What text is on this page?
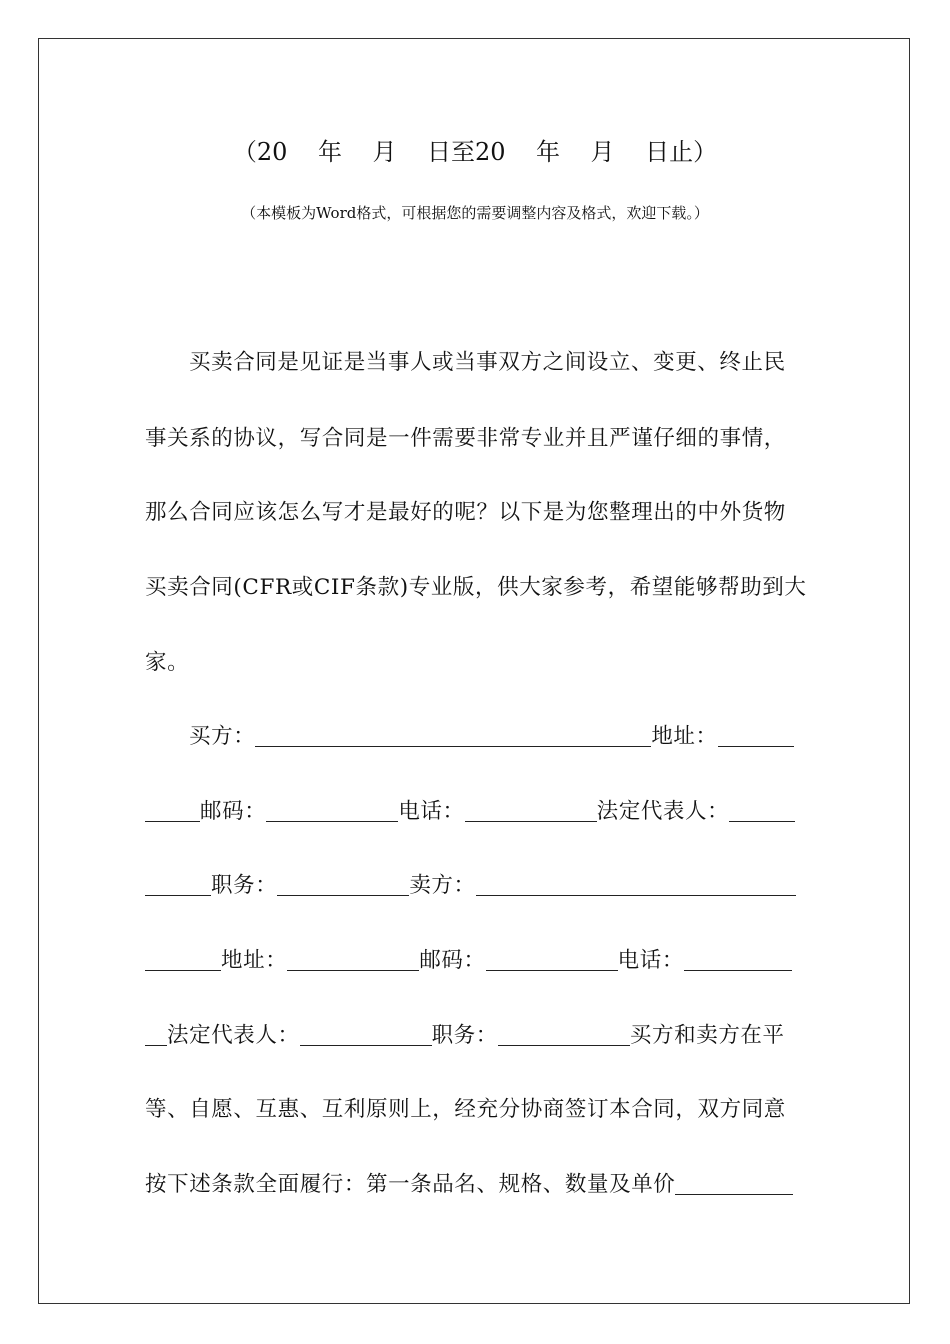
（20    年    月    日至20    年    月    日止）
（本模板为Word格式，可根据您的需要调整内容及格式，欢迎下载。）
买卖合同是见证是当事人或当事双方之间设立、变更、终止民
事关系的协议，写合同是一件需要非常专业并且严谨仔细的事情，
那么合同应该怎么写才是最好的呢？以下是为您整理出的中外货物
买卖合同(CFR或CIF条款)专业版，供大家参考，希望能够帮助到大
家。
买方：	地址：
邮码：	电话：	法定代表人：
职务：	卖方：
地址：	邮码：	电话：
法定代表人：	职务：	买方和卖方在平
等、自愿、互惠、互利原则上，经充分协商签订本合同，双方同意
按下述条款全面履行：第一条品名、规格、数量及单价
